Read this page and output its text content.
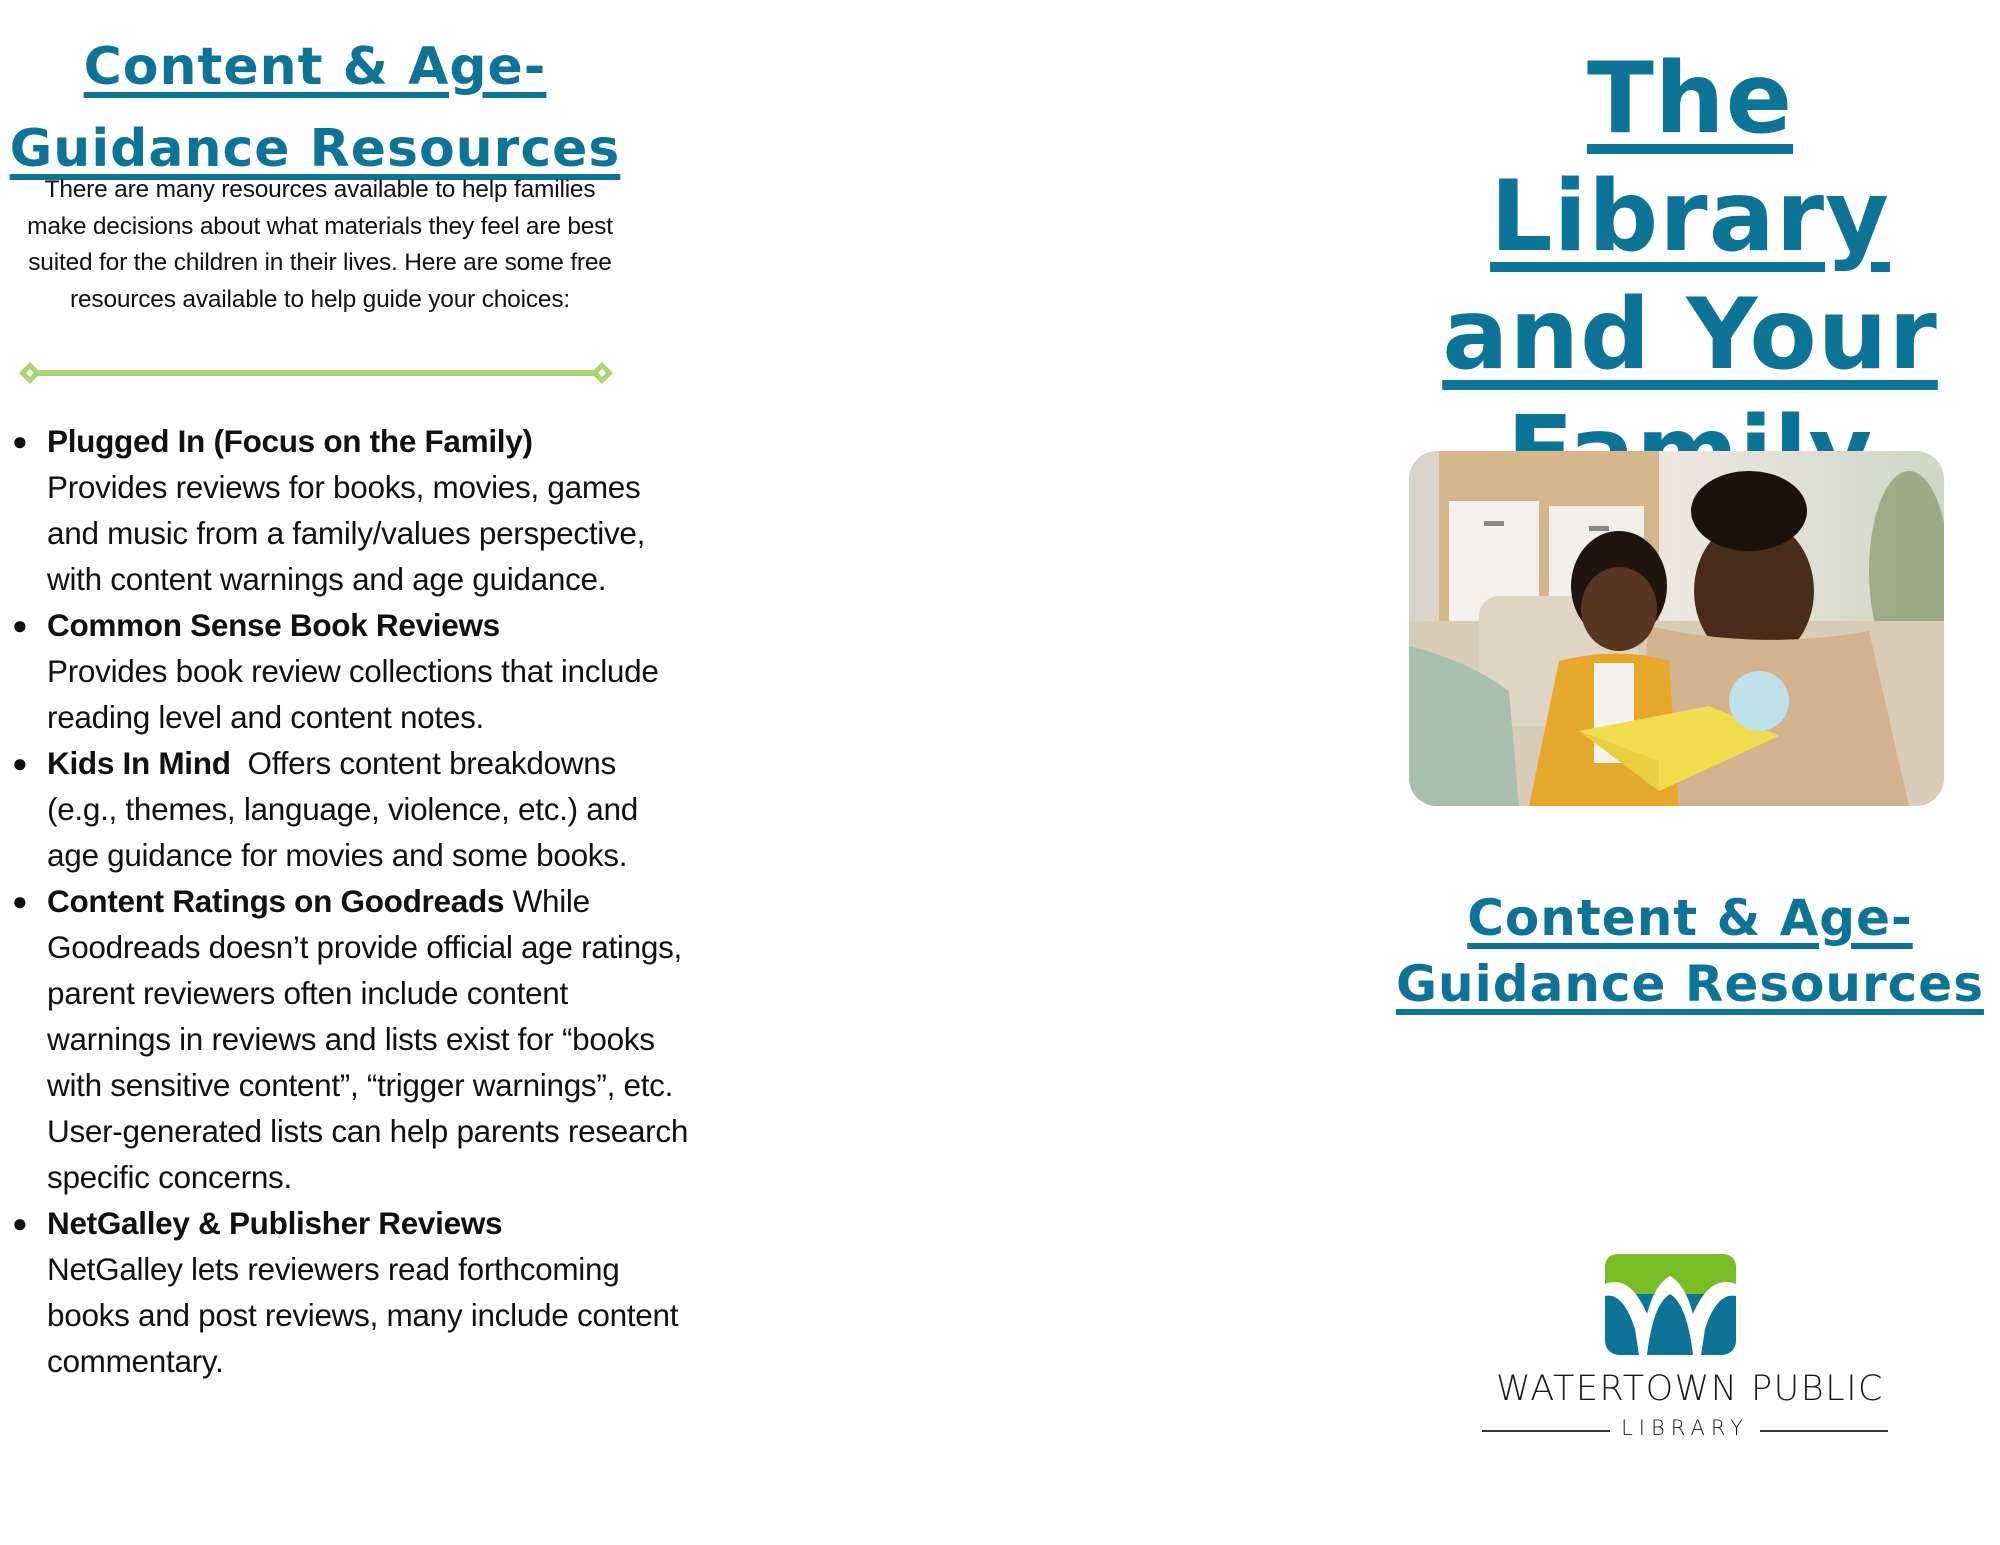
Content & Age-
Guidance Resources

There are many resources available to help families make decisions about what materials they feel are best suited for the children in their lives. Here are some free resources available to help guide your choices:

● Plugged In (Focus on the Family)
Provides reviews for books, movies, games and music from a family/values perspective, with content warnings and age guidance.
● Common Sense Book Reviews
Provides book review collections that include reading level and content notes.
● Kids In Mind Offers content breakdowns (e.g., themes, language, violence, etc.) and age guidance for movies and some books.
● Content Ratings on Goodreads While Goodreads doesn’t provide official age ratings, parent reviewers often include content warnings in reviews and lists exist for “books with sensitive content”, “trigger warnings”, etc. User-generated lists can help parents research specific concerns.
● NetGalley & Publisher Reviews
NetGalley lets reviewers read forthcoming books and post reviews, many include content commentary.
The Library
and Your

Content & Age-
Guidance Resources
WATERTOWN PUBLIC
LIBRARY
